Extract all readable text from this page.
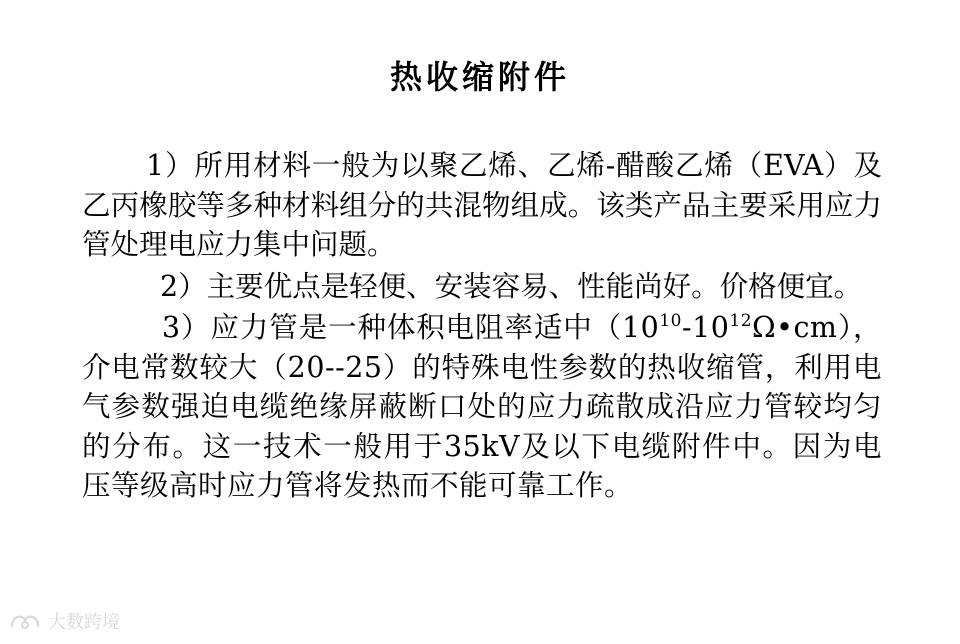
热收缩附件

1）所用材料一般为以聚乙烯、乙烯-醋酸乙烯（EVA）及乙丙橡胶等多种材料组分的共混物组成。该类产品主要采用应力管处理电应力集中问题。

2）主要优点是轻便、安装容易、性能尚好。价格便宜。

3）应力管是一种体积电阻率适中$(10^{10}-10^{12}\Omega•cm)$，介电常数较大（20--25）的特殊电性参数的热收缩管，利用电气参数强迫电缆绝缘屏蔽断口处的应力疏散成沿应力管较均匀的分布。这一技术一般用于35kV及以下电缆附件中。因为电压等级高时应力管将发热而不能可靠工作。

大数跨境
